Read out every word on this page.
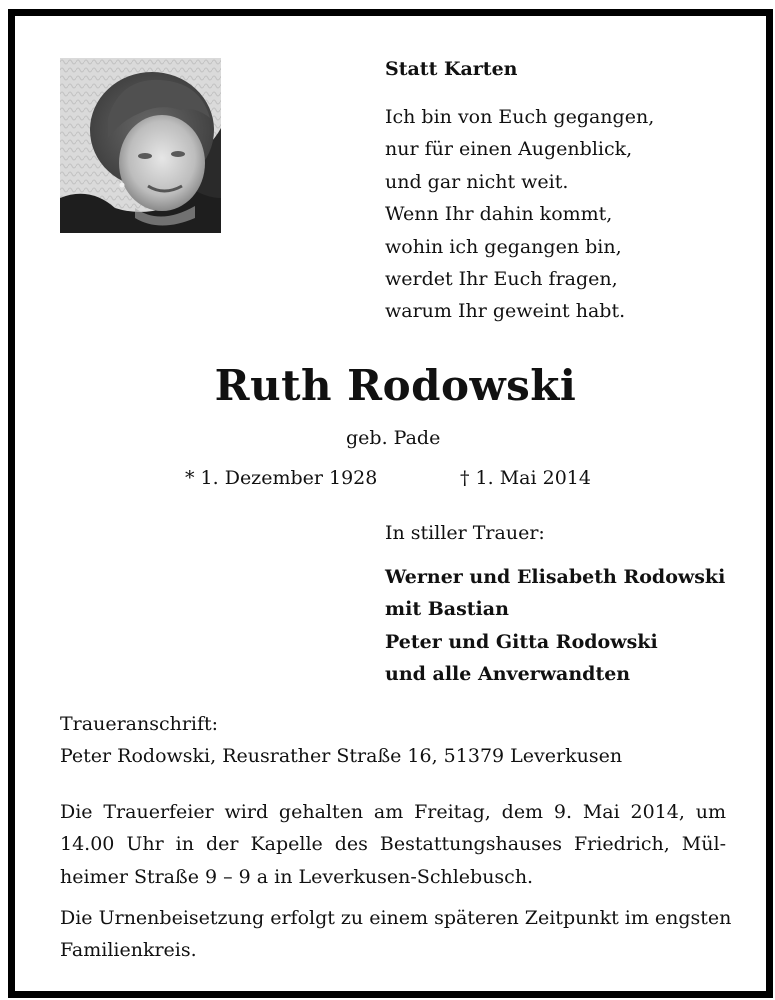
Statt Karten
Ich bin von Euch gegangen,
nur für einen Augenblick,
und gar nicht weit.
Wenn Ihr dahin kommt,
wohin ich gegangen bin,
werdet Ihr Euch fragen,
warum Ihr geweint habt.
Ruth Rodowski
geb. Pade
* 1. Dezember 1928	† 1. Mai 2014
In stiller Trauer:
Werner und Elisabeth Rodowski
mit Bastian
Peter und Gitta Rodowski
und alle Anverwandten
Traueranschrift:
Peter Rodowski, Reusrather Straße 16, 51379 Leverkusen
Die Trauerfeier wird gehalten am Freitag, dem 9. Mai 2014, um
14.00 Uhr in der Kapelle des Bestattungshauses Friedrich, Mül-
heimer Straße 9 – 9 a in Leverkusen-Schlebusch.
Die Urnenbeisetzung erfolgt zu einem späteren Zeitpunkt im engsten
Familienkreis.
